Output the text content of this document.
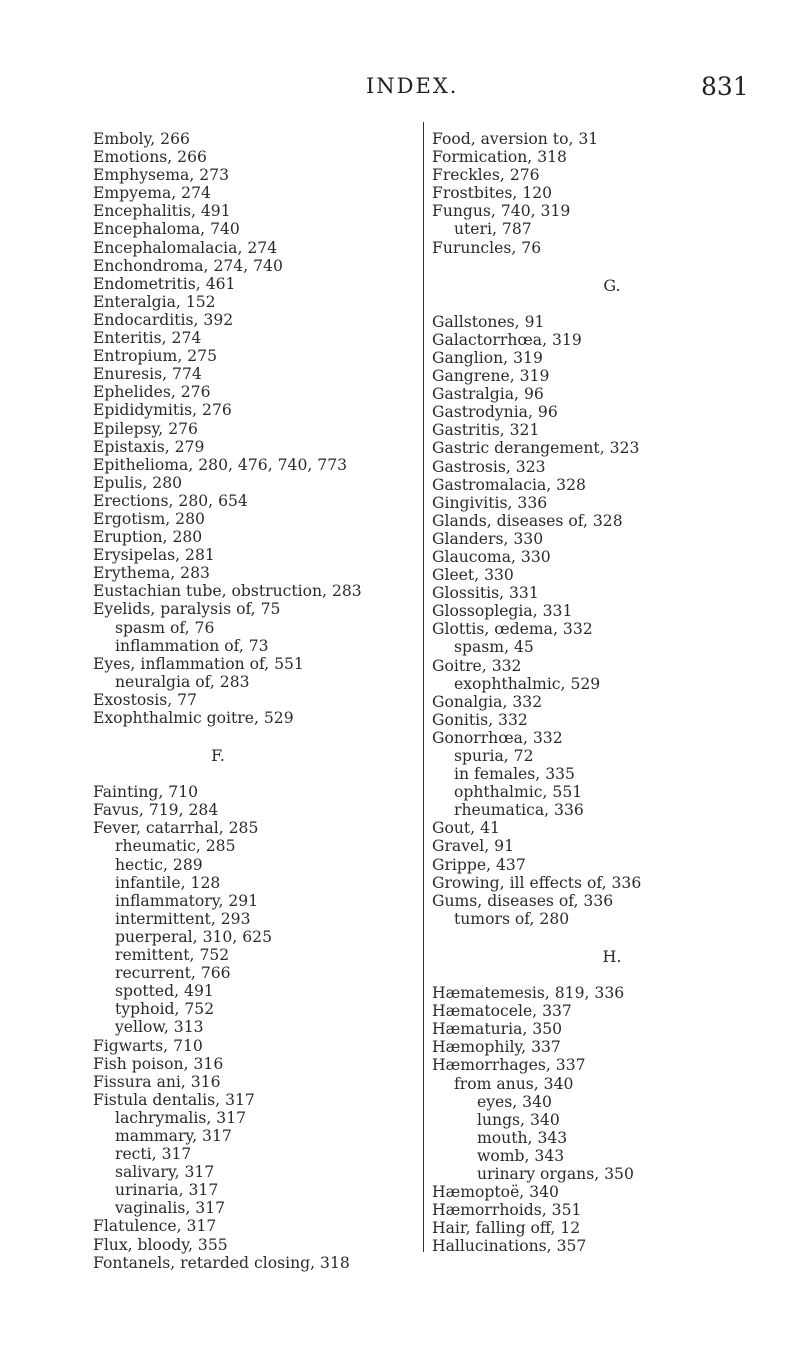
INDEX.	831
Emboly, 266
Emotions, 266
Emphysema, 273
Empyema, 274
Encephalitis, 491
Encephaloma, 740
Encephalomalacia, 274
Enchondroma, 274, 740
Endometritis, 461
Enteralgia, 152
Endocarditis, 392
Enteritis, 274
Entropium, 275
Enuresis, 774
Ephelides, 276
Epididymitis, 276
Epilepsy, 276
Epistaxis, 279
Epithelioma, 280, 476, 740, 773
Epulis, 280
Erections, 280, 654
Ergotism, 280
Eruption, 280
Erysipelas, 281
Erythema, 283
Eustachian tube, obstruction, 283
Eyelids, paralysis of, 75
spasm of, 76
inflammation of, 73
Eyes, inflammation of, 551
neuralgia of, 283
Exostosis, 77
Exophthalmic goitre, 529
F.
Fainting, 710
Favus, 719, 284
Fever, catarrhal, 285
rheumatic, 285
hectic, 289
infantile, 128
inflammatory, 291
intermittent, 293
puerperal, 310, 625
remittent, 752
recurrent, 766
spotted, 491
typhoid, 752
yellow, 313
Figwarts, 710
Fish poison, 316
Fissura ani, 316
Fistula dentalis, 317
lachrymalis, 317
mammary, 317
recti, 317
salivary, 317
urinaria, 317
vaginalis, 317
Flatulence, 317
Flux, bloody, 355
Fontanels, retarded closing, 318
Food, aversion to, 31
Formication, 318
Freckles, 276
Frostbites, 120
Fungus, 740, 319
uteri, 787
Furuncles, 76
G.
Gallstones, 91
Galactorrhœa, 319
Ganglion, 319
Gangrene, 319
Gastralgia, 96
Gastrodynia, 96
Gastritis, 321
Gastric derangement, 323
Gastrosis, 323
Gastromalacia, 328
Gingivitis, 336
Glands, diseases of, 328
Glanders, 330
Glaucoma, 330
Gleet, 330
Glossitis, 331
Glossoplegia, 331
Glottis, œdema, 332
spasm, 45
Goitre, 332
exophthalmic, 529
Gonalgia, 332
Gonitis, 332
Gonorrhœa, 332
spuria, 72
in females, 335
ophthalmic, 551
rheumatica, 336
Gout, 41
Gravel, 91
Grippe, 437
Growing, ill effects of, 336
Gums, diseases of, 336
tumors of, 280
H.
Hæmatemesis, 819, 336
Hæmatocele, 337
Hæmaturia, 350
Hæmophily, 337
Hæmorrhages, 337
from anus, 340
eyes, 340
lungs, 340
mouth, 343
womb, 343
urinary organs, 350
Hæmoptoë, 340
Hæmorrhoids, 351
Hair, falling off, 12
Hallucinations, 357
